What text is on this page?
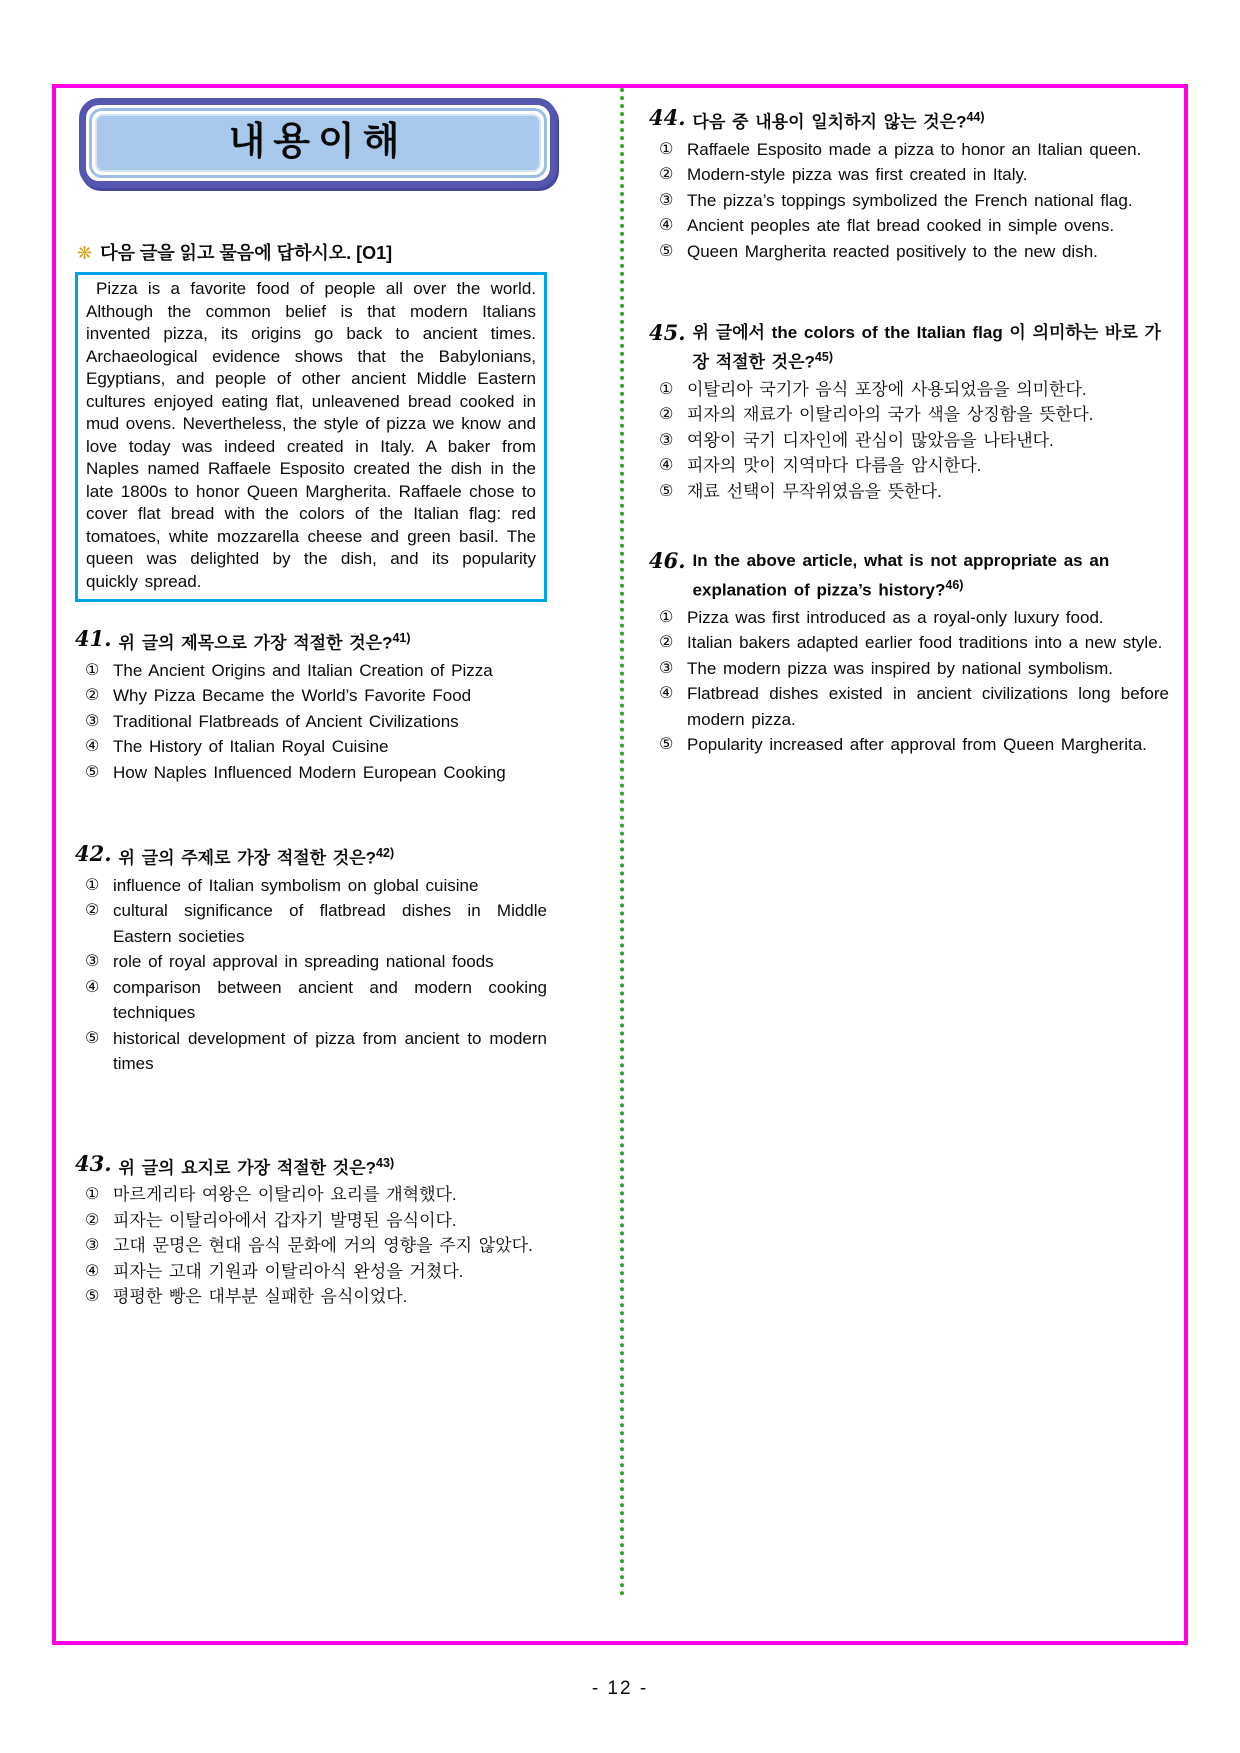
내용이해
❋ 다음 글을 읽고 물음에 답하시오. [O1]

Pizza is a favorite food of people all over the world. Although the common belief is that modern Italians invented pizza, its origins go back to ancient times. Archaeological evidence shows that the Babylonians, Egyptians, and people of other ancient Middle Eastern cultures enjoyed eating flat, unleavened bread cooked in mud ovens. Nevertheless, the style of pizza we know and love today was indeed created in Italy. A baker from Naples named Raffaele Esposito created the dish in the late 1800s to honor Queen Margherita. Raffaele chose to cover flat bread with the colors of the Italian flag: red tomatoes, white mozzarella cheese and green basil. The queen was delighted by the dish, and its popularity quickly spread.

41. 위 글의 제목으로 가장 적절한 것은?$^{41)}$
① The Ancient Origins and Italian Creation of Pizza
② Why Pizza Became the World’s Favorite Food
③ Traditional Flatbreads of Ancient Civilizations
④ The History of Italian Royal Cuisine
⑤ How Naples Influenced Modern European Cooking
42. 위 글의 주제로 가장 적절한 것은?$^{42)}$
① influence of Italian symbolism on global cuisine
② cultural significance of flatbread dishes in Middle Eastern societies
③ role of royal approval in spreading national foods
④ comparison between ancient and modern cooking techniques
⑤ historical development of pizza from ancient to modern times
43. 위 글의 요지로 가장 적절한 것은?$^{43)}$
① 마르게리타 여왕은 이탈리아 요리를 개혁했다.
② 피자는 이탈리아에서 갑자기 발명된 음식이다.
③ 고대 문명은 현대 음식 문화에 거의 영향을 주지 않았다.
④ 피자는 고대 기원과 이탈리아식 완성을 거쳤다.
⑤ 평평한 빵은 대부분 실패한 음식이었다.
44. 다음 중 내용이 일치하지 않는 것은?$^{44)}$
① Raffaele Esposito made a pizza to honor an Italian queen.
② Modern-style pizza was first created in Italy.
③ The pizza’s toppings symbolized the French national flag.
④ Ancient peoples ate flat bread cooked in simple ovens.
⑤ Queen Margherita reacted positively to the new dish.
45. 위 글에서 the colors of the Italian flag 이 의미하는 바로 가장 적절한 것은?$^{45)}$
① 이탈리아 국기가 음식 포장에 사용되었음을 의미한다.
② 피자의 재료가 이탈리아의 국가 색을 상징함을 뜻한다.
③ 여왕이 국기 디자인에 관심이 많았음을 나타낸다.
④ 피자의 맛이 지역마다 다름을 암시한다.
⑤ 재료 선택이 무작위였음을 뜻한다.
46. In the above article, what is not appropriate as an explanation of pizza’s history?$^{46)}$
① Pizza was first introduced as a royal-only luxury food.
② Italian bakers adapted earlier food traditions into a new style.
③ The modern pizza was inspired by national symbolism.
④ Flatbread dishes existed in ancient civilizations long before modern pizza.
⑤ Popularity increased after approval from Queen Margherita.
- 12 -
